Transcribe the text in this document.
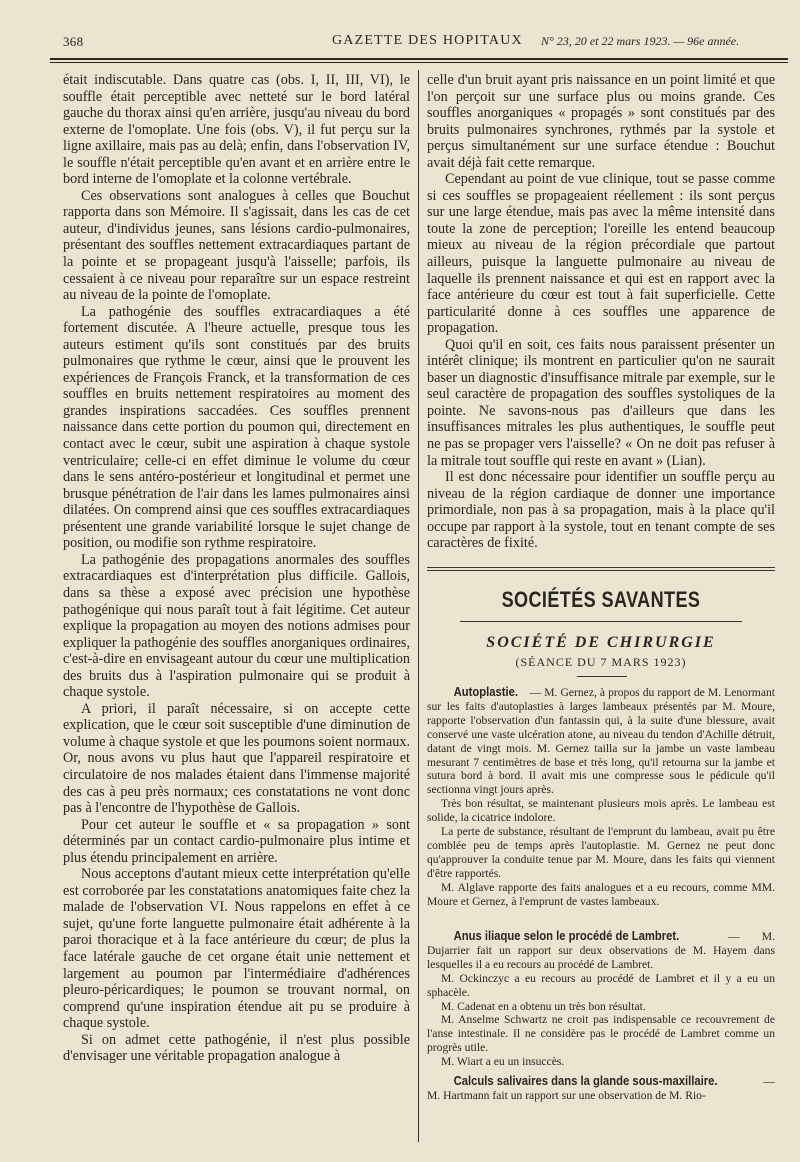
368	GAZETTE DES HOPITAUX N° 23, 20 et 22 mars 1923. — 96e année.

était indiscutable. Dans quatre cas (obs. I, II, III, VI), le souffle était perceptible avec netteté sur le bord latéral gauche du thorax ainsi qu'en arrière, jusqu'au niveau du bord externe de l'omoplate. Une fois (obs. V), il fut perçu sur la ligne axillaire, mais pas au delà; enfin, dans l'observation IV, le souffle n'était perceptible qu'en avant et en arrière entre le bord interne de l'omoplate et la colonne vertébrale.

Ces observations sont analogues à celles que Bouchut rapporta dans son Mémoire. Il s'agissait, dans les cas de cet auteur, d'individus jeunes, sans lésions cardio-pulmonaires, présentant des souffles nettement extracardiaques partant de la pointe et se propageant jusqu'à l'aisselle; parfois, ils cessaient à ce niveau pour reparaître sur un espace restreint au niveau de la pointe de l'omoplate.

La pathogénie des souffles extracardiaques a été fortement discutée. A l'heure actuelle, presque tous les auteurs estiment qu'ils sont constitués par des bruits pulmonaires que rythme le cœur, ainsi que le prouvent les expériences de François Franck, et la transformation de ces souffles en bruits nettement respiratoires au moment des grandes inspirations saccadées. Ces souffles prennent naissance dans cette portion du poumon qui, directement en contact avec le cœur, subit une aspiration à chaque systole ventriculaire; celle-ci en effet diminue le volume du cœur dans le sens antéro-postérieur et longitudinal et permet une brusque pénétration de l'air dans les lames pulmonaires ainsi dilatées. On comprend ainsi que ces souffles extracardiaques présentent une grande variabilité lorsque le sujet change de position, ou modifie son rythme respiratoire.

La pathogénie des propagations anormales des souffles extracardiaques est d'interprétation plus difficile. Gallois, dans sa thèse a exposé avec précision une hypothèse pathogénique qui nous paraît tout à fait légitime. Cet auteur explique la propagation au moyen des notions admises pour expliquer la pathogénie des souffles anorganiques ordinaires, c'est-à-dire en envisageant autour du cœur une multiplication des bruits dus à l'aspiration pulmonaire qui se produit à chaque systole.

A priori, il paraît nécessaire, si on accepte cette explication, que le cœur soit susceptible d'une diminution de volume à chaque systole et que les poumons soient normaux. Or, nous avons vu plus haut que l'appareil respiratoire et circulatoire de nos malades étaient dans l'immense majorité des cas à peu près normaux; ces constatations ne vont donc pas à l'encontre de l'hypothèse de Gallois.

Pour cet auteur le souffle et « sa propagation » sont déterminés par un contact cardio-pulmonaire plus intime et plus étendu principalement en arrière.

Nous acceptons d'autant mieux cette interprétation qu'elle est corroborée par les constatations anatomiques faite chez la malade de l'observation VI. Nous rappelons en effet à ce sujet, qu'une forte languette pulmonaire était adhérente à la paroi thoracique et à la face antérieure du cœur; de plus la face latérale gauche de cet organe était unie nettement et largement au poumon par l'intermédiaire d'adhérences pleuro-péricardiques; le poumon se trouvant normal, on comprend qu'une inspiration étendue ait pu se produire à chaque systole.

Si on admet cette pathogénie, il n'est plus possible d'envisager une véritable propagation analogue à

celle d'un bruit ayant pris naissance en un point limité et que l'on perçoit sur une surface plus ou moins grande. Ces souffles anorganiques « propagés » sont constitués par des bruits pulmonaires synchrones, rythmés par la systole et perçus simultanément sur une surface étendue : Bouchut avait déjà fait cette remarque.

Cependant au point de vue clinique, tout se passe comme si ces souffles se propageaient réellement : ils sont perçus sur une large étendue, mais pas avec la même intensité dans toute la zone de perception; l'oreille les entend beaucoup mieux au niveau de la région précordiale que partout ailleurs, puisque la languette pulmonaire au niveau de laquelle ils prennent naissance et qui est en rapport avec la face antérieure du cœur est tout à fait superficielle. Cette particularité donne à ces souffles une apparence de propagation.

Quoi qu'il en soit, ces faits nous paraissent présenter un intérêt clinique; ils montrent en particulier qu'on ne saurait baser un diagnostic d'insuffisance mitrale par exemple, sur le seul caractère de propagation des souffles systoliques de la pointe. Ne savons-nous pas d'ailleurs que dans les insuffisances mitrales les plus authentiques, le souffle peut ne pas se propager vers l'aisselle? « On ne doit pas refuser à la mitrale tout souffle qui reste en avant » (Lian).

Il est donc nécessaire pour identifier un souffle perçu au niveau de la région cardiaque de donner une importance primordiale, non pas à sa propagation, mais à la place qu'il occupe par rapport à la systole, tout en tenant compte de ses caractères de fixité.

SOCIÉTÉS SAVANTES
SOCIÉTÉ DE CHIRURGIE
(SÉANCE DU 7 MARS 1923)

Autoplastie. — M. Gernez, à propos du rapport de M. Lenormant sur les faits d'autoplasties à larges lambeaux présentés par M. Moure, rapporte l'observation d'un fantassin qui, à la suite d'une blessure, avait conservé une vaste ulcération atone, au niveau du tendon d'Achille détruit, datant de vingt mois. M. Gernez tailla sur la jambe un vaste lambeau mesurant 7 centimètres de base et très long, qu'il retourna sur la jambe et sutura bord à bord. Il avait mis une compresse sous le pédicule qu'il sectionna vingt jours après.

Très bon résultat, se maintenant plusieurs mois après. Le lambeau est solide, la cicatrice indolore.

La perte de substance, résultant de l'emprunt du lambeau, avait pu être comblée peu de temps après l'autoplastie. M. Gernez ne peut donc qu'approuver la conduite tenue par M. Moure, dans les faits qui viennent d'être rapportés.

M. Alglave rapporte des faits analogues et a eu recours, comme MM. Moure et Gernez, à l'emprunt de vastes lambeaux.

Anus iliaque selon le procédé de Lambret. — M. Dujarrier fait un rapport sur deux observations de M. Hayem dans lesquelles il a eu recours au procédé de Lambret.

M. Ockinczyc a eu recours au procédé de Lambret et il y a eu un sphacèle.

M. Cadenat en a obtenu un très bon résultat.

M. Anselme Schwartz ne croit pas indispensable ce recouvrement de l'anse intestinale. Il ne considère pas le procédé de Lambret comme un progrès utile.

M. Wiart a eu un insuccès.

Calculs salivaires dans la glande sous-maxillaire.	— M. Hartmann fait un rapport sur une observation de M. Rio-
